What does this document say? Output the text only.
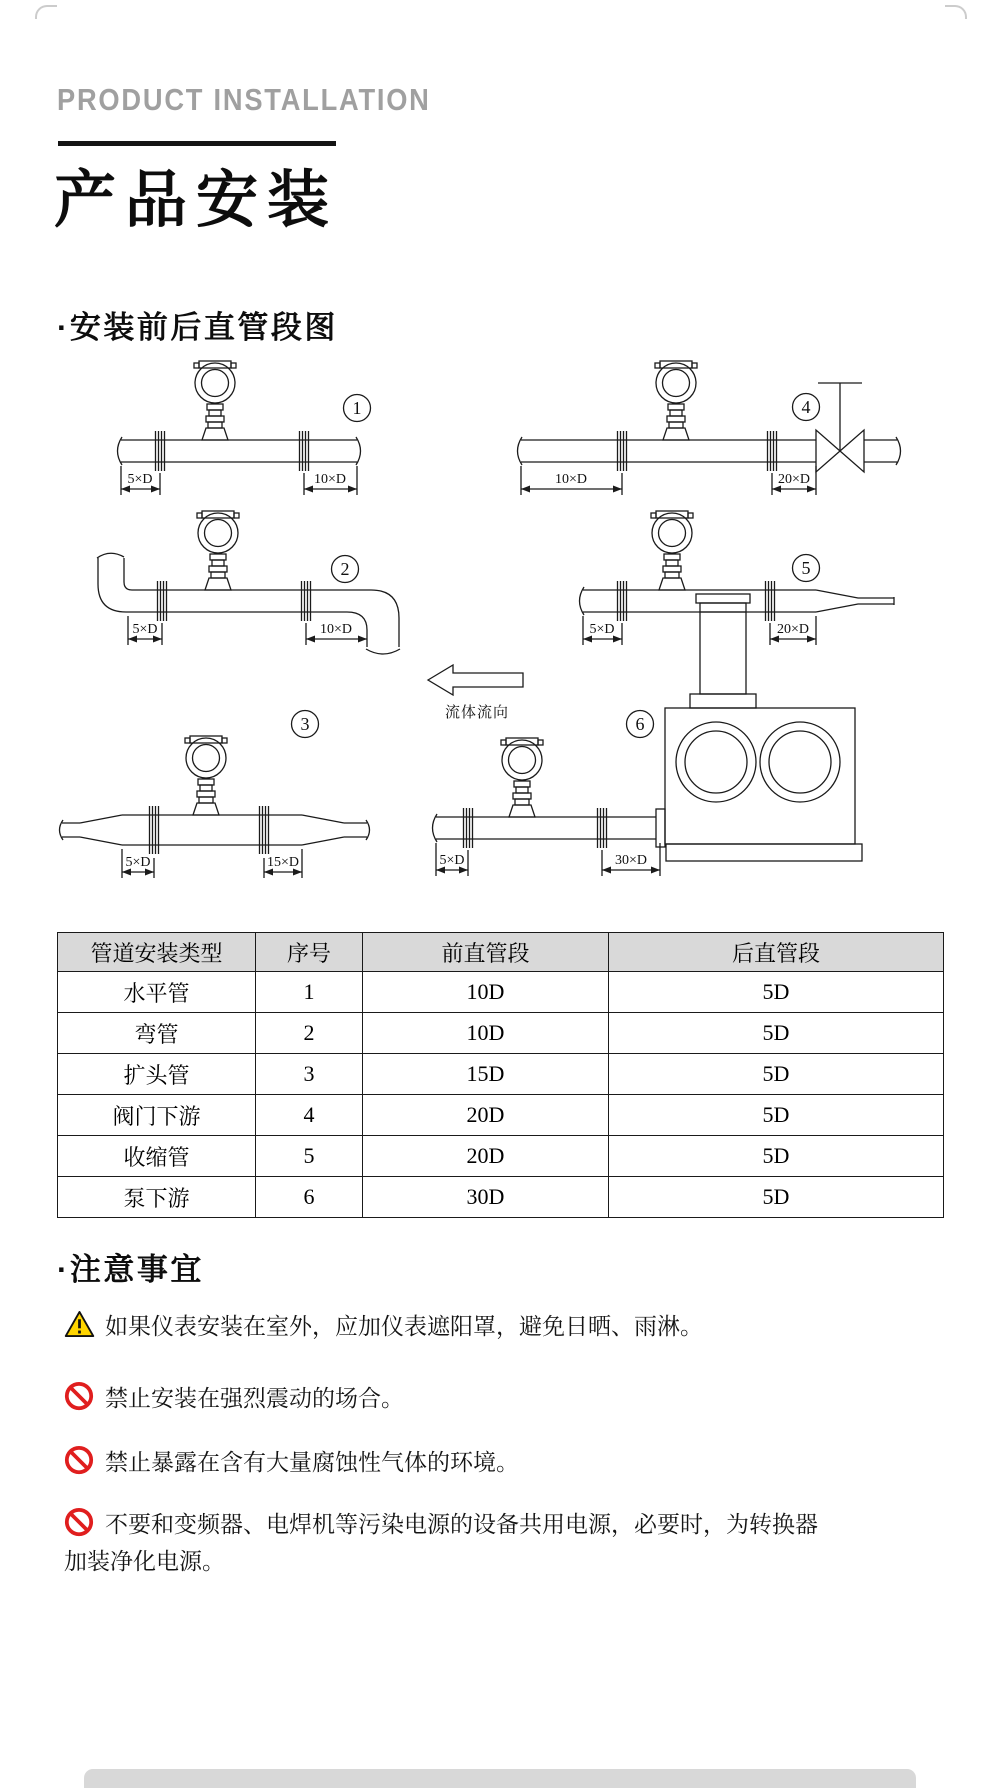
PRODUCT INSTALLATION
产品安装
·安装前后直管段图
1
5×D	10×D
4
10×D	20×D
2
5×D	10×D
5
5×D	20×D
流体流向
3
5×D	15×D
6
5×D	30×D
管道安装类型	序号	前直管段	后直管段
水平管	1	10D	5D
弯管	2	10D	5D
扩头管	3	15D	5D
阀门下游	4	20D	5D
收缩管	5	20D	5D
泵下游	6	30D	5D
·注意事宜

如果仪表安装在室外，应加仪表遮阳罩，避免日晒、雨淋。

禁止安装在强烈震动的场合。

禁止暴露在含有大量腐蚀性气体的环境。

不要和变频器、电焊机等污染电源的设备共用电源，必要时，为转换器加装净化电源。
